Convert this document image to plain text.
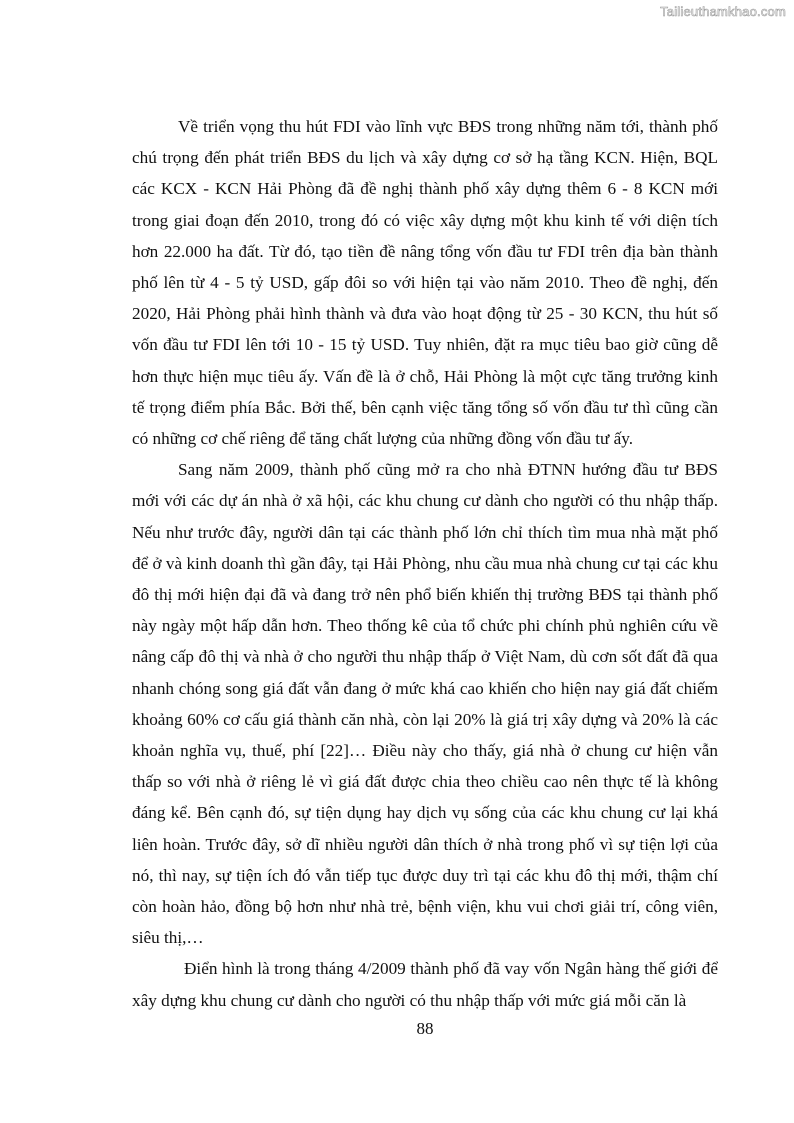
Tailieuthamkhao.com

Về triển vọng thu hút FDI vào lĩnh vực BĐS trong những năm tới, thành phố chú trọng đến phát triển BĐS du lịch và xây dựng cơ sở hạ tầng KCN. Hiện, BQL các KCX - KCN Hải Phòng đã đề nghị thành phố xây dựng thêm 6 - 8 KCN mới trong giai đoạn đến 2010, trong đó có việc xây dựng một khu kinh tế với diện tích hơn 22.000 ha đất. Từ đó, tạo tiền đề nâng tổng vốn đầu tư FDI trên địa bàn thành phố lên từ 4 - 5 tỷ USD, gấp đôi so với hiện tại vào năm 2010. Theo đề nghị, đến 2020, Hải Phòng phải hình thành và đưa vào hoạt động từ 25 - 30 KCN, thu hút số vốn đầu tư FDI lên tới 10 - 15 tỷ USD. Tuy nhiên, đặt ra mục tiêu bao giờ cũng dễ hơn thực hiện mục tiêu ấy. Vấn đề là ở chỗ, Hải Phòng là một cực tăng trưởng kinh tế trọng điểm phía Bắc. Bởi thế, bên cạnh việc tăng tổng số vốn đầu tư thì cũng cần có những cơ chế riêng để tăng chất lượng của những đồng vốn đầu tư ấy.

Sang năm 2009, thành phố cũng mở ra cho nhà ĐTNN hướng đầu tư BĐS mới với các dự án nhà ở xã hội, các khu chung cư dành cho người có thu nhập thấp. Nếu như trước đây, người dân tại các thành phố lớn chỉ thích tìm mua nhà mặt phố để ở và kinh doanh thì gần đây, tại Hải Phòng, nhu cầu mua nhà chung cư tại các khu đô thị mới hiện đại đã và đang trở nên phổ biến khiến thị trường BĐS tại thành phố này ngày một hấp dẫn hơn. Theo thống kê của tổ chức phi chính phủ nghiên cứu về nâng cấp đô thị và nhà ở cho người thu nhập thấp ở Việt Nam, dù cơn sốt đất đã qua nhanh chóng song giá đất vẫn đang ở mức khá cao khiến cho hiện nay giá đất chiếm khoảng 60% cơ cấu giá thành căn nhà, còn lại 20% là giá trị xây dựng và 20% là các khoản nghĩa vụ, thuế, phí [22]… Điều này cho thấy, giá nhà ở chung cư hiện vẫn thấp so với nhà ở riêng lẻ vì giá đất được chia theo chiều cao nên thực tế là không đáng kể. Bên cạnh đó, sự tiện dụng hay dịch vụ sống của các khu chung cư lại khá liên hoàn. Trước đây, sở dĩ nhiều người dân thích ở nhà trong phố vì sự tiện lợi của nó, thì nay, sự tiện ích đó vẫn tiếp tục được duy trì tại các khu đô thị mới, thậm chí còn hoàn hảo, đồng bộ hơn như nhà trẻ, bệnh viện, khu vui chơi giải trí, công viên, siêu thị,…

Điển hình là trong tháng 4/2009 thành phố đã vay vốn Ngân hàng thế giới để xây dựng khu chung cư dành cho người có thu nhập thấp với mức giá mỗi căn là

88
